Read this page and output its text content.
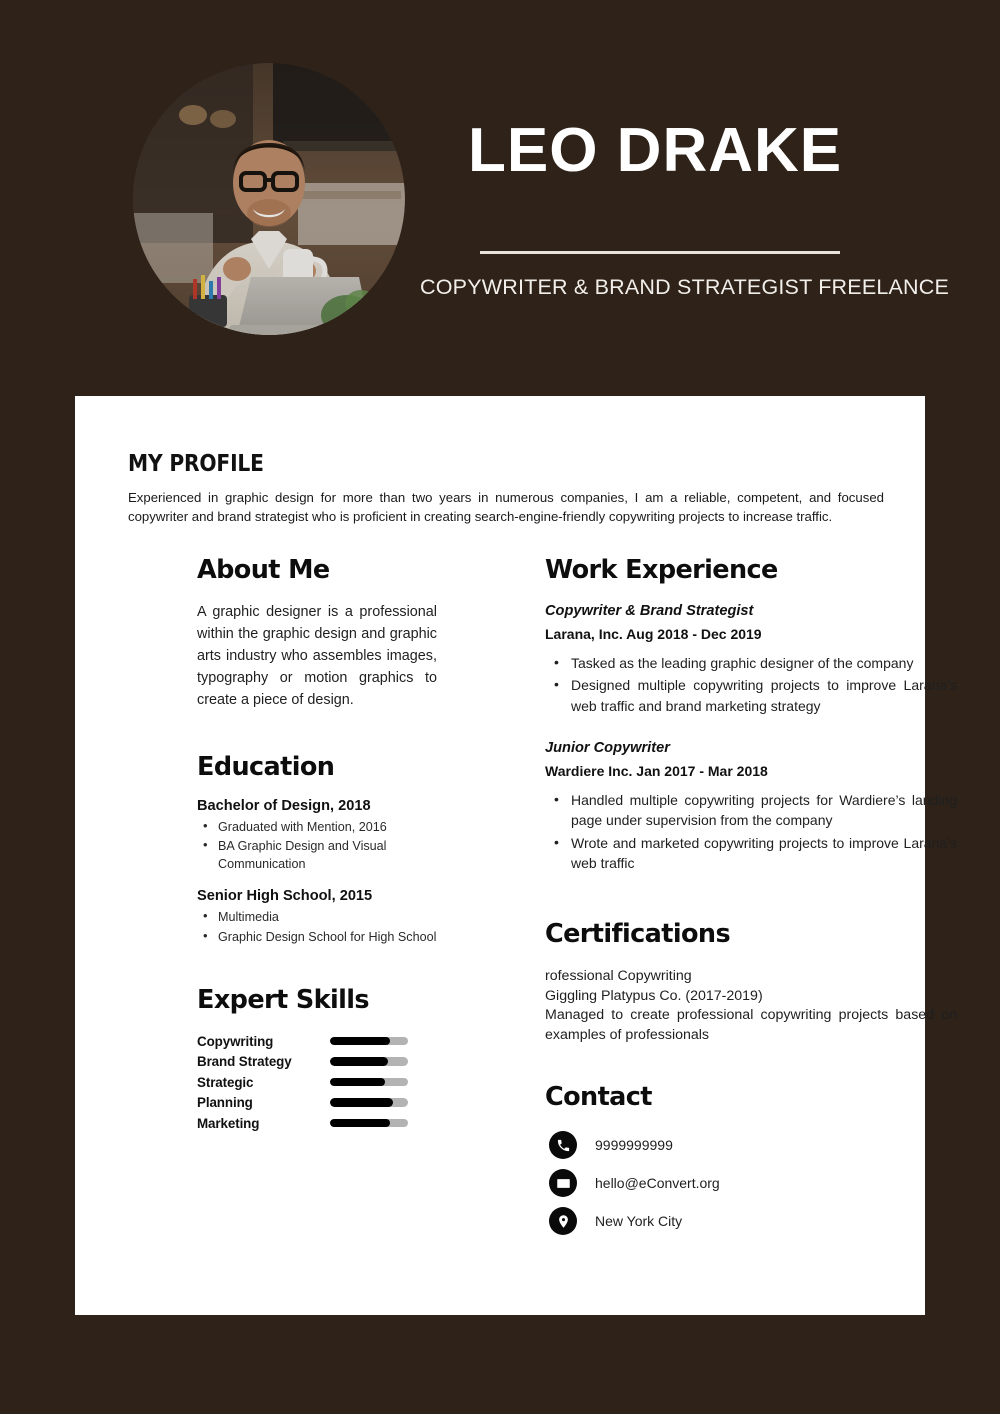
LEO DRAKE
COPYWRITER & BRAND STRATEGIST FREELANCE
MY PROFILE
Experienced in graphic design for more than two years in numerous companies, I am a reliable, competent, and focused copywriter and brand strategist who is proficient in creating search-engine-friendly copywriting projects to increase traffic.
About Me
A graphic designer is a professional within the graphic design and graphic arts industry who assembles images, typography or motion graphics to create a piece of design.
Education
Bachelor of Design, 2018
• Graduated with Mention, 2016
• BA Graphic Design and Visual Communication
Senior High School, 2015
• Multimedia
• Graphic Design School for High School
Expert Skills
Copywriting
Brand Strategy
Strategic
Planning
Marketing
Work Experience
Copywriter & Brand Strategist
Larana, Inc. Aug 2018 - Dec 2019
• Tasked as the leading graphic designer of the company
• Designed multiple copywriting projects to improve Larana’s web traffic and brand marketing strategy
Junior Copywriter
Wardiere Inc. Jan 2017 - Mar 2018
• Handled multiple copywriting projects for Wardiere’s landing page under supervision from the company
• Wrote and marketed copywriting projects to improve Larana’s web traffic
Certifications
rofessional Copywriting
Giggling Platypus Co. (2017-2019)
Managed to create professional copywriting projects based on examples of professionals
Contact
9999999999
hello@eConvert.org
New York City
